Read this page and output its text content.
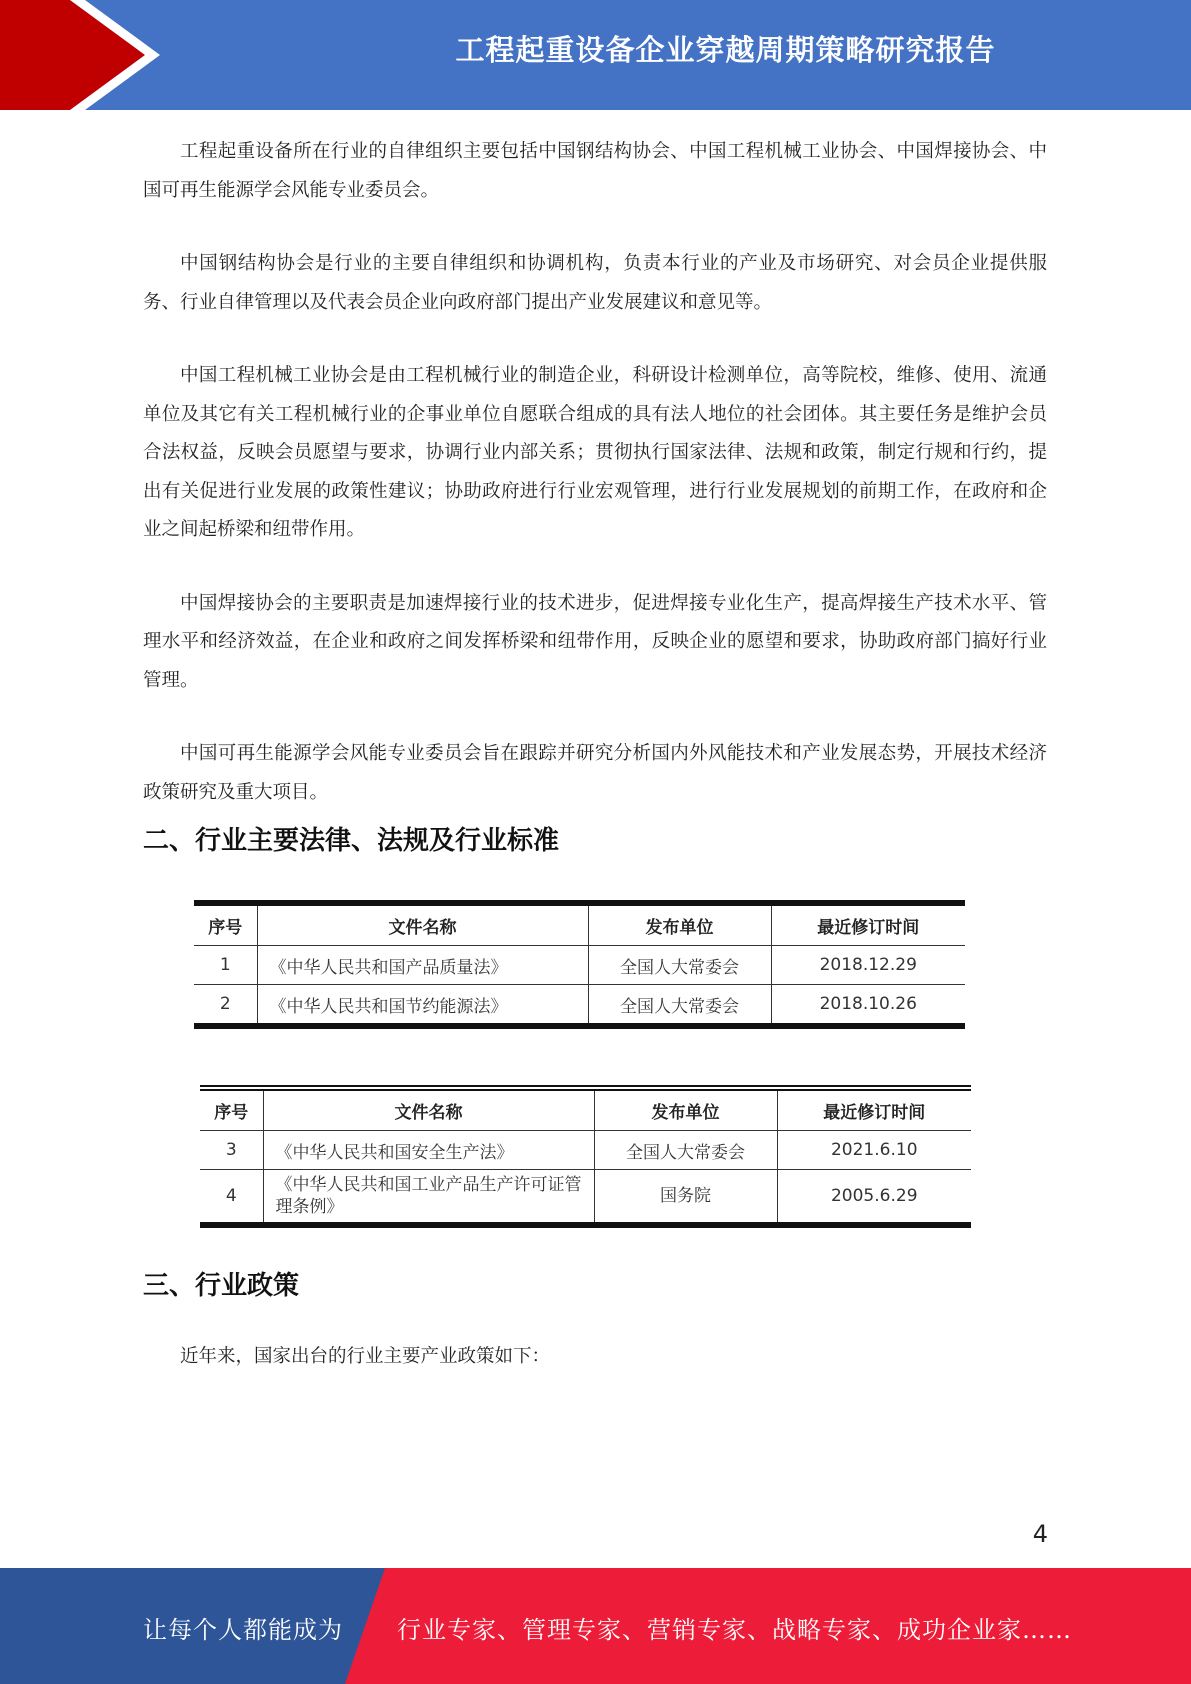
工程起重设备企业穿越周期策略研究报告

工程起重设备所在行业的自律组织主要包括中国钢结构协会、中国工程机械工业协会、中国焊接协会、中国可再生能源学会风能专业委员会。

中国钢结构协会是行业的主要自律组织和协调机构，负责本行业的产业及市场研究、对会员企业提供服务、行业自律管理以及代表会员企业向政府部门提出产业发展建议和意见等。

中国工程机械工业协会是由工程机械行业的制造企业，科研设计检测单位，高等院校，维修、使用、流通单位及其它有关工程机械行业的企事业单位自愿联合组成的具有法人地位的社会团体。其主要任务是维护会员合法权益，反映会员愿望与要求，协调行业内部关系；贯彻执行国家法律、法规和政策，制定行规和行约，提出有关促进行业发展的政策性建议；协助政府进行行业宏观管理，进行行业发展规划的前期工作，在政府和企业之间起桥梁和纽带作用。

中国焊接协会的主要职责是加速焊接行业的技术进步，促进焊接专业化生产，提高焊接生产技术水平、管理水平和经济效益，在企业和政府之间发挥桥梁和纽带作用，反映企业的愿望和要求，协助政府部门搞好行业管理。

中国可再生能源学会风能专业委员会旨在跟踪并研究分析国内外风能技术和产业发展态势，开展技术经济政策研究及重大项目。

二、行业主要法律、法规及行业标准
序号	文件名称	发布单位	最近修订时间
1	《中华人民共和国产品质量法》	全国人大常委会	2018.12.29
2	《中华人民共和国节约能源法》	全国人大常委会	2018.10.26
序号	文件名称	发布单位	最近修订时间
3	《中华人民共和国安全生产法》	全国人大常委会	2021.6.10
4	《中华人民共和国工业产品生产许可证管理条例》	国务院	2005.6.29
三、行业政策

近年来，国家出台的行业主要产业政策如下：

4
让每个人都能成为 行业专家、管理专家、营销专家、战略专家、成功企业家……
